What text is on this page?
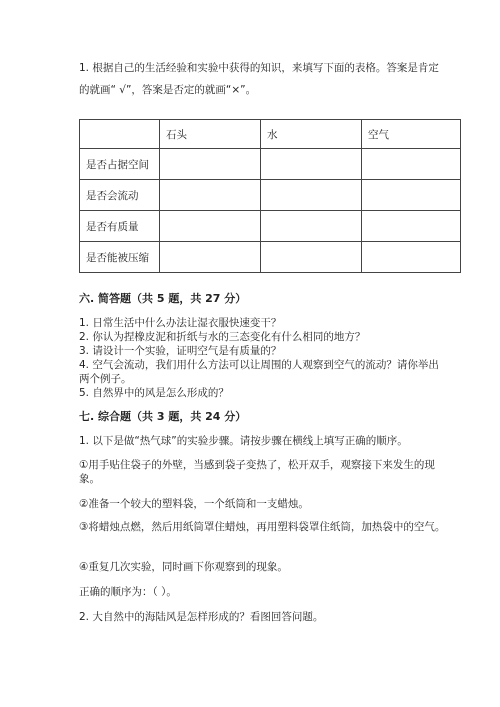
1. 根据自己的生活经验和实验中获得的知识，来填写下面的表格。答案是肯定
的就画“ √”，答案是否定的就画“×”。
	石头	水	空气
是否占据空间			
是否会流动			
是否有质量			
是否能被压缩			
六. 简答题（共 5 题，共 27 分）
1. 日常生活中什么办法让湿衣服快速变干？
2. 你认为捏橡皮泥和折纸与水的三态变化有什么相同的地方？
3. 请设计一个实验，证明空气是有质量的？
4. 空气会流动，我们用什么方法可以让周围的人观察到空气的流动？请你举出两个例子。
5. 自然界中的风是怎么形成的？
七. 综合题（共 3 题，共 24 分）
1. 以下是做“热气球”的实验步骤。请按步骤在横线上填写正确的顺序。
①用手贴住袋子的外壁，当感到袋子变热了，松开双手，观察接下来发生的现象。
②准备一个较大的塑料袋，一个纸筒和一支蜡烛。
③将蜡烛点燃，然后用纸筒罩住蜡烛，再用塑料袋罩住纸筒，加热袋中的空气。
④重复几次实验，同时画下你观察到的现象。
正确的顺序为：（ ）。
2. 大自然中的海陆风是怎样形成的？看图回答问题。
